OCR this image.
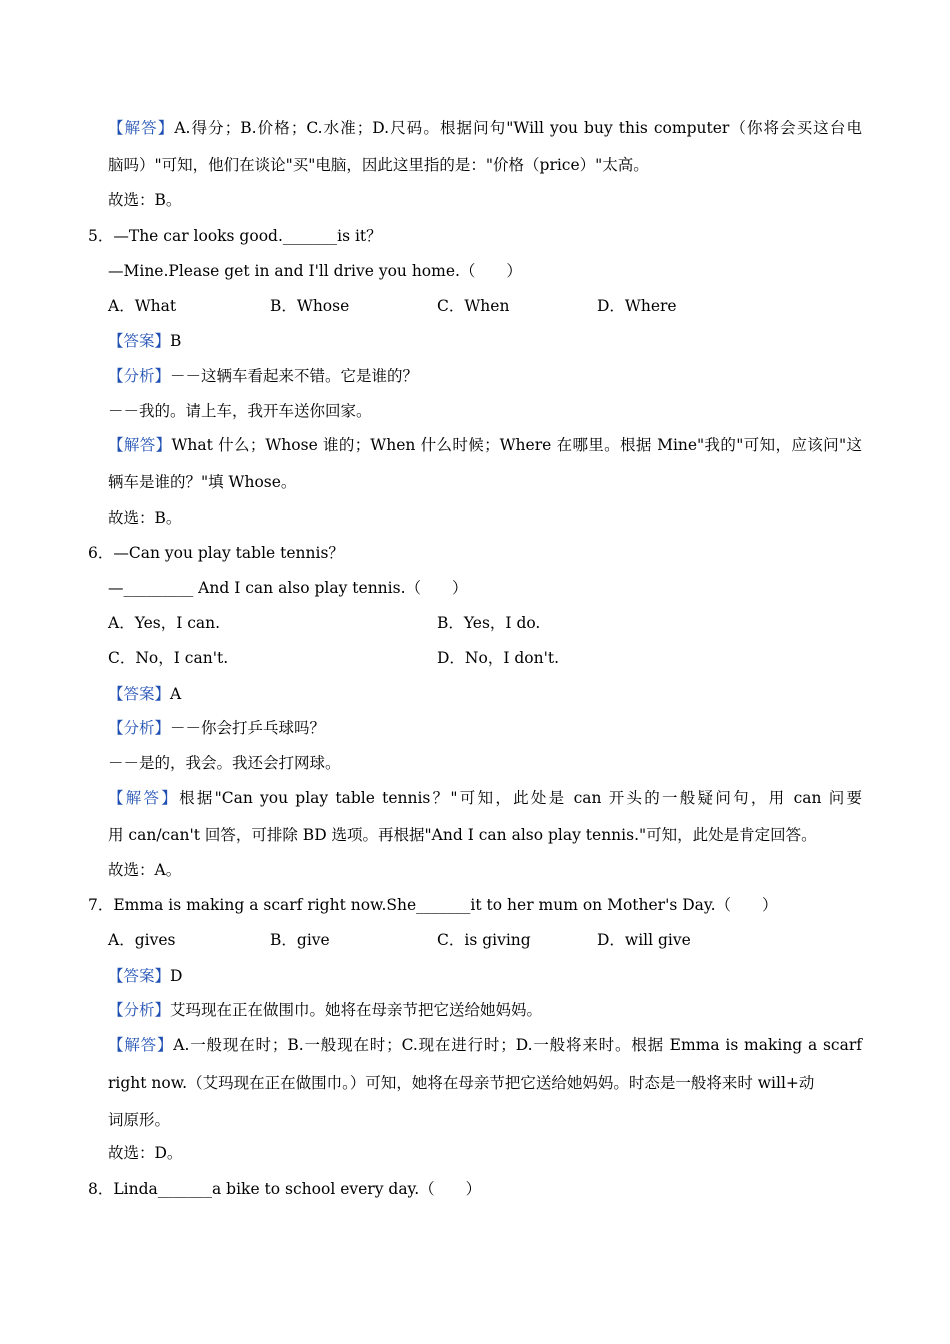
【解答】A.得分；B.价格；C.水准；D.尺码。根据问句"Will you buy this computer（你将会买这台电
脑吗）"可知，他们在谈论"买"电脑，因此这里指的是："价格（price）"太高。
故选：B。
5．—The car looks good._______is it？
—Mine.Please get in and I'll drive you home.（　　）
A．What	B．Whose	C．When	D．Where
【答案】B
【分析】－－这辆车看起来不错。它是谁的？
－－我的。请上车，我开车送你回家。
【解答】What 什么；Whose 谁的；When 什么时候；Where 在哪里。根据 Mine"我的"可知，应该问"这
辆车是谁的？"填 Whose。
故选：B。
6．—Can you play table tennis？
—_________ And I can also play tennis.（　　）
A．Yes，I can.	B．Yes，I do.
C．No，I can't.	D．No，I don't.
【答案】A
【分析】－－你会打乒乓球吗？
－－是的，我会。我还会打网球。
【解答】根据"Can you play table tennis？"可知，此处是 can 开头的一般疑问句，用 can 问要
用 can/can't 回答，可排除 BD 选项。再根据"And I can also play tennis."可知，此处是肯定回答。
故选：A。
7．Emma is making a scarf right now.She_______it to her mum on Mother's Day.（　　）
A．gives	B．give	C．is giving	D．will give
【答案】D
【分析】艾玛现在正在做围巾。她将在母亲节把它送给她妈妈。
【解答】A.一般现在时；B.一般现在时；C.现在进行时；D.一般将来时。根据 Emma is making a scarf
right now.（艾玛现在正在做围巾。）可知，她将在母亲节把它送给她妈妈。时态是一般将来时 will+动
词原形。
故选：D。
8．Linda_______a bike to school every day.（　　）
